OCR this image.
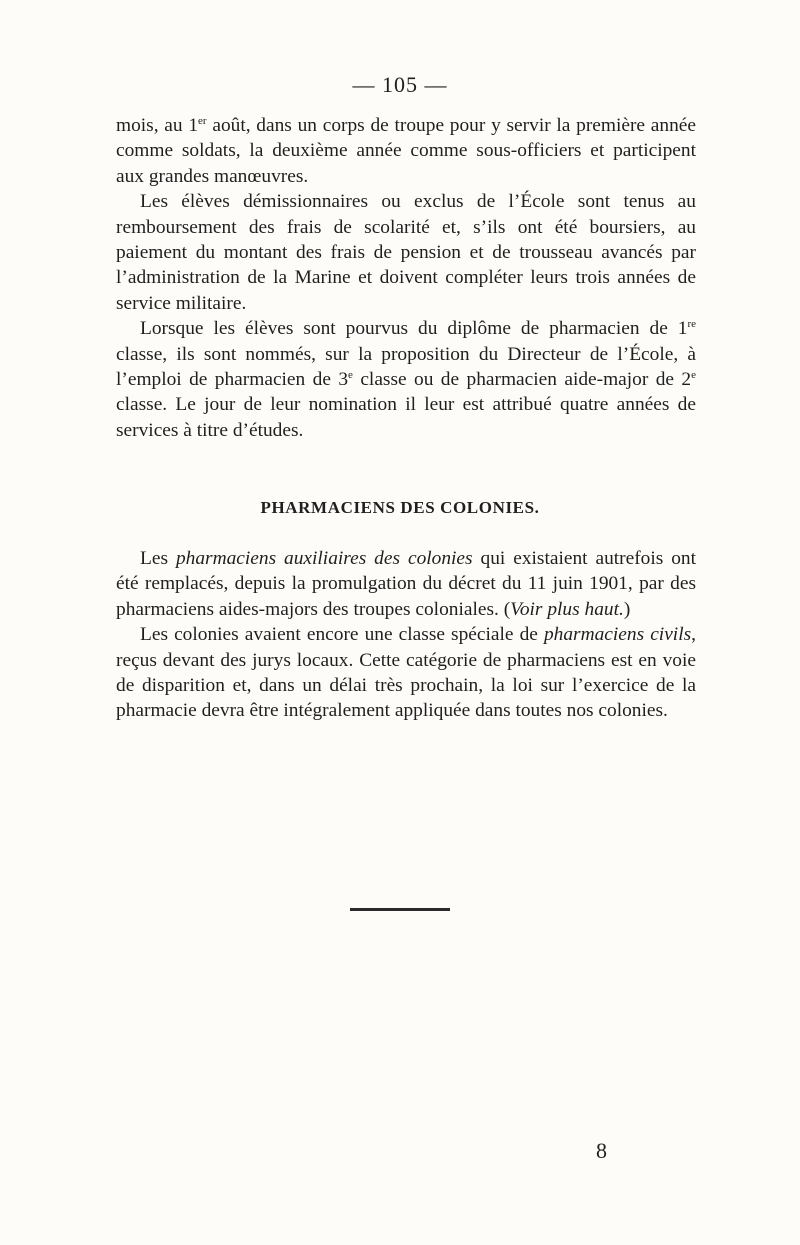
— 105 —

mois, au 1er août, dans un corps de troupe pour y servir la première année comme soldats, la deuxième année comme sous-officiers et participent aux grandes manœuvres.

Les élèves démissionnaires ou exclus de l’École sont tenus au remboursement des frais de scolarité et, s’ils ont été boursiers, au paiement du montant des frais de pension et de trousseau avancés par l’administration de la Marine et doivent compléter leurs trois années de service militaire.

Lorsque les élèves sont pourvus du diplôme de pharmacien de 1re classe, ils sont nommés, sur la proposition du Directeur de l’École, à l’emploi de pharmacien de 3e classe ou de pharmacien aide-major de 2e classe. Le jour de leur nomination il leur est attribué quatre années de services à titre d’études.

PHARMACIENS DES COLONIES.

Les pharmaciens auxiliaires des colonies qui existaient autrefois ont été remplacés, depuis la promulgation du décret du 11 juin 1901, par des pharmaciens aides-majors des troupes coloniales. (Voir plus haut.)

Les colonies avaient encore une classe spéciale de pharmaciens civils, reçus devant des jurys locaux. Cette catégorie de pharmaciens est en voie de disparition et, dans un délai très prochain, la loi sur l’exercice de la pharmacie devra être intégralement appliquée dans toutes nos colonies.

8
